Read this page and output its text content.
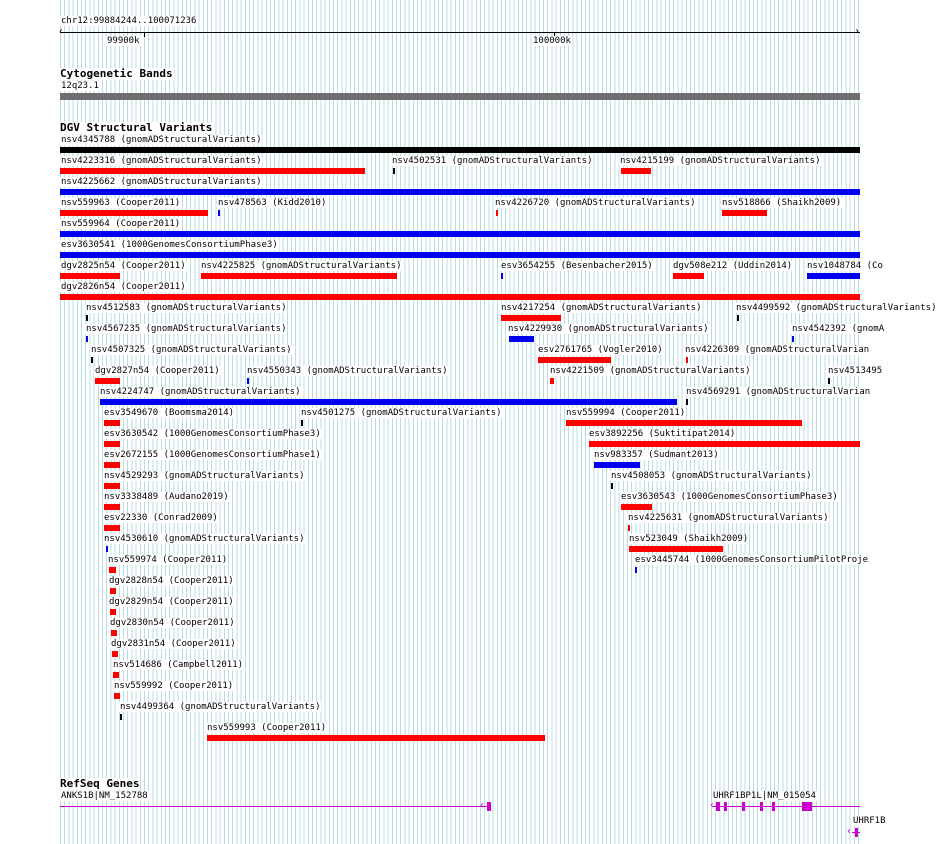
chr12:99884244..100071236
‹	›
99900k	100000k
Cytogenetic Bands
12q23.1
DGV Structural Variants
nsv4345788 (gnomADStructuralVariants)
nsv4223316 (gnomADStructuralVariants)	nsv4502531 (gnomADStructuralVariants)	nsv4215199 (gnomADStructuralVariants)
nsv4225662 (gnomADStructuralVariants)
nsv559963 (Cooper2011)	nsv478563 (Kidd2010)	nsv4226720 (gnomADStructuralVariants)	nsv518866 (Shaikh2009)
nsv559964 (Cooper2011)
esv3630541 (1000GenomesConsortiumPhase3)
dgv2825n54 (Cooper2011) nsv4225825 (gnomADStructuralVariants)	esv3654255 (Besenbacher2015) dgv508e212 (Uddin2014) nsv1048784 (Co
dgv2826n54 (Cooper2011)
nsv4512583 (gnomADStructuralVariants)	nsv4217254 (gnomADStructuralVariants)	nsv4499592 (gnomADStructuralVariants)
nsv4567235 (gnomADStructuralVariants)	nsv4229930 (gnomADStructuralVariants)	nsv4542392 (gnomA
nsv4507325 (gnomADStructuralVariants)	esv2761765 (Vogler2010) nsv4226309 (gnomADStructuralVarian
dgv2827n54 (Cooper2011)	nsv4550343 (gnomADStructuralVariants)	nsv4221509 (gnomADStructuralVariants)	nsv4513495
nsv4224747 (gnomADStructuralVariants)	nsv4569291 (gnomADStructuralVarian
esv3549670 (Boomsma2014)	nsv4501275 (gnomADStructuralVariants)	nsv559994 (Cooper2011)
esv3630542 (1000GenomesConsortiumPhase3)	esv3892256 (Suktitipat2014)
esv2672155 (1000GenomesConsortiumPhase1)	nsv983357 (Sudmant2013)
nsv4529293 (gnomADStructuralVariants)	nsv4508053 (gnomADStructuralVariants)
nsv3338489 (Audano2019)	esv3630543 (1000GenomesConsortiumPhase3)
esv22330 (Conrad2009)	nsv4225631 (gnomADStructuralVariants)
nsv4530610 (gnomADStructuralVariants)	nsv523049 (Shaikh2009)
nsv559974 (Cooper2011)	esv3445744 (1000GenomesConsortiumPilotProje
dgv2828n54 (Cooper2011)
dgv2829n54 (Cooper2011)
dgv2830n54 (Cooper2011)
dgv2831n54 (Cooper2011)
nsv514686 (Campbell2011)
nsv559992 (Cooper2011)
nsv4499364 (gnomADStructuralVariants)
nsv559993 (Cooper2011)
RefSeq Genes
ANKS1B|NM_152788
‹
UHRF1BP1L|NM_015054
‹
UHRF1B
‹
